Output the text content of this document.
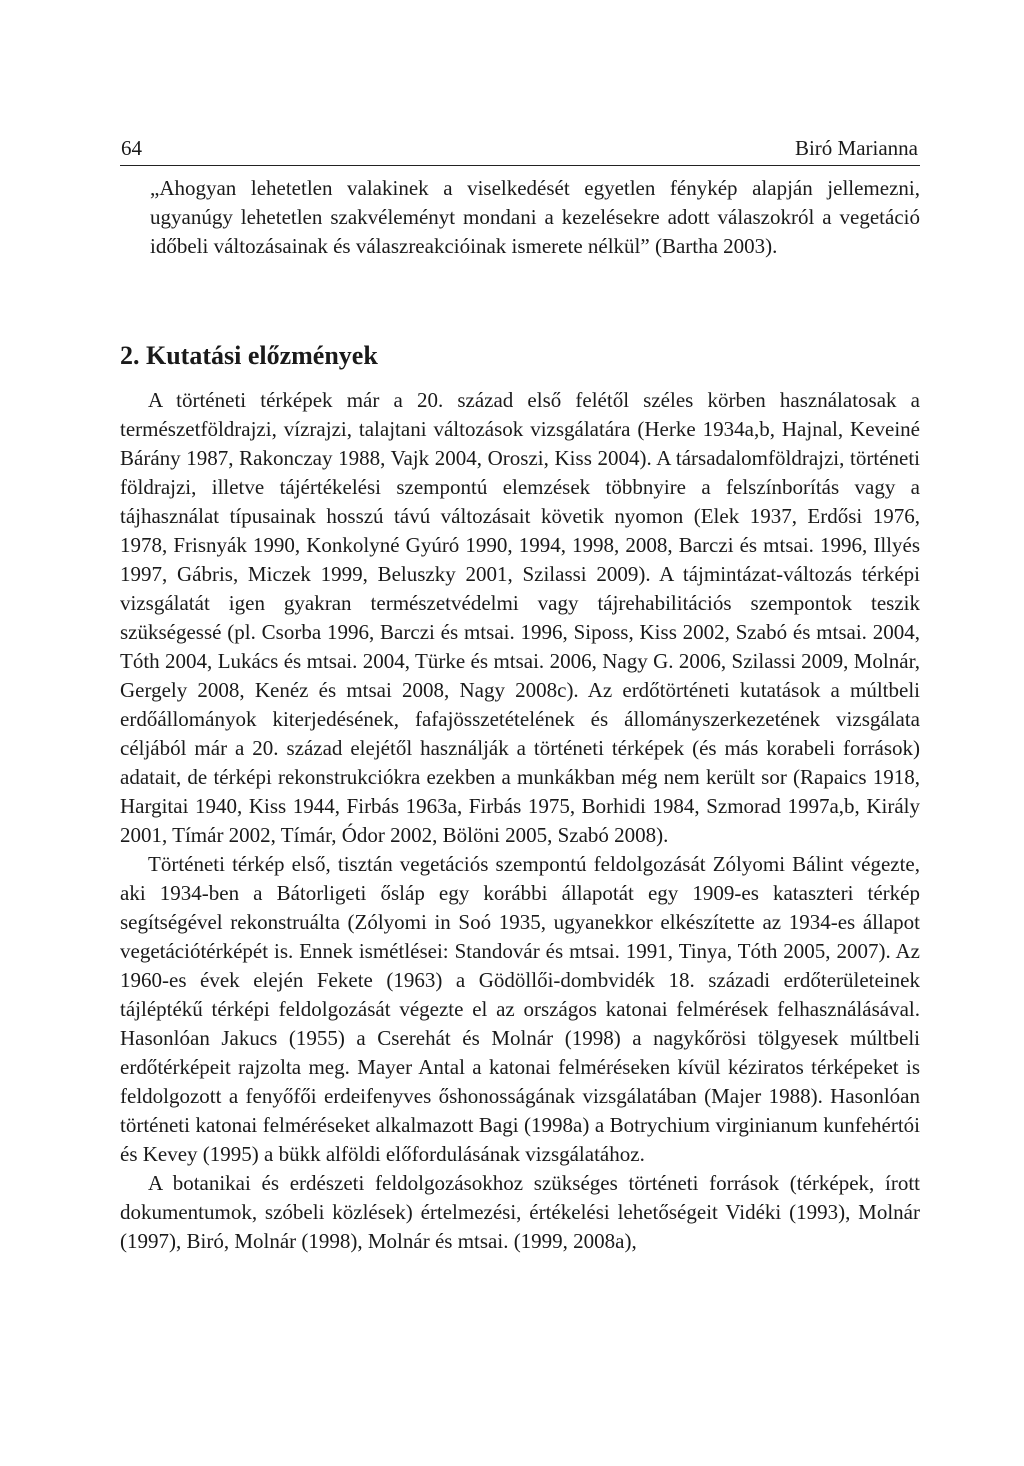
64	Biró Marianna

„Ahogyan lehetetlen valakinek a viselkedését egyetlen fénykép alapján jellemezni, ugyanúgy lehetetlen szakvéleményt mondani a kezelésekre adott válaszokról a vegetáció időbeli változásainak és válaszreakcióinak ismerete nélkül” (Bartha 2003).

2. Kutatási előzmények

A történeti térképek már a 20. század első felétől széles körben használatosak a természetföldrajzi, vízrajzi, talajtani változások vizsgálatára (Herke 1934a,b, Hajnal, Keveiné Bárány 1987, Rakonczay 1988, Vajk 2004, Oroszi, Kiss 2004). A társadalomföldrajzi, történeti földrajzi, illetve tájértékelési szempontú elemzések többnyire a felszínborítás vagy a tájhasználat típusainak hosszú távú változásait követik nyomon (Elek 1937, Erdősi 1976, 1978, Frisnyák 1990, Konkolyné Gyúró 1990, 1994, 1998, 2008, Barczi és mtsai. 1996, Illyés 1997, Gábris, Miczek 1999, Beluszky 2001, Szilassi 2009). A tájmintázat-változás térképi vizsgálatát igen gyakran természetvédelmi vagy tájrehabilitációs szempontok teszik szükségessé (pl. Csorba 1996, Barczi és mtsai. 1996, Siposs, Kiss 2002, Szabó és mtsai. 2004, Tóth 2004, Lukács és mtsai. 2004, Türke és mtsai. 2006, Nagy G. 2006, Szilassi 2009, Molnár, Gergely 2008, Kenéz és mtsai 2008, Nagy 2008c). Az erdőtörténeti kutatások a múltbeli erdőállományok kiterjedésének, fafajösszetételének és állományszerkezetének vizsgálata céljából már a 20. század elejétől használják a történeti térképek (és más korabeli források) adatait, de térképi rekonstrukciókra ezekben a munkákban még nem került sor (Rapaics 1918, Hargitai 1940, Kiss 1944, Firbás 1963a, Firbás 1975, Borhidi 1984, Szmorad 1997a,b, Király 2001, Tímár 2002, Tímár, Ódor 2002, Bölöni 2005, Szabó 2008).

Történeti térkép első, tisztán vegetációs szempontú feldolgozását Zólyomi Bálint végezte, aki 1934-ben a Bátorligeti ősláp egy korábbi állapotát egy 1909-es kataszteri térkép segítségével rekonstruálta (Zólyomi in Soó 1935, ugyanekkor elkészítette az 1934-es állapot vegetációtérképét is. Ennek ismétlései: Standovár és mtsai. 1991, Tinya, Tóth 2005, 2007). Az 1960-es évek elején Fekete (1963) a Gödöllői-dombvidék 18. századi erdőterületeinek tájléptékű térképi feldolgozását végezte el az országos katonai felmérések felhasználásával. Hasonlóan Jakucs (1955) a Cserehát és Molnár (1998) a nagykőrösi tölgyesek múltbeli erdőtérképeit rajzolta meg. Mayer Antal a katonai felméréseken kívül kéziratos térképeket is feldolgozott a fenyőfői erdeifenyves őshonosságának vizsgálatában (Majer 1988). Hasonlóan történeti katonai felméréseket alkalmazott Bagi (1998a) a Botrychium virginianum kunfehértói és Kevey (1995) a bükk alföldi előfordulásának vizsgálatához.

A botanikai és erdészeti feldolgozásokhoz szükséges történeti források (térképek, írott dokumentumok, szóbeli közlések) értelmezési, értékelési lehetőségeit Vidéki (1993), Molnár (1997), Biró, Molnár (1998), Molnár és mtsai. (1999, 2008a),
